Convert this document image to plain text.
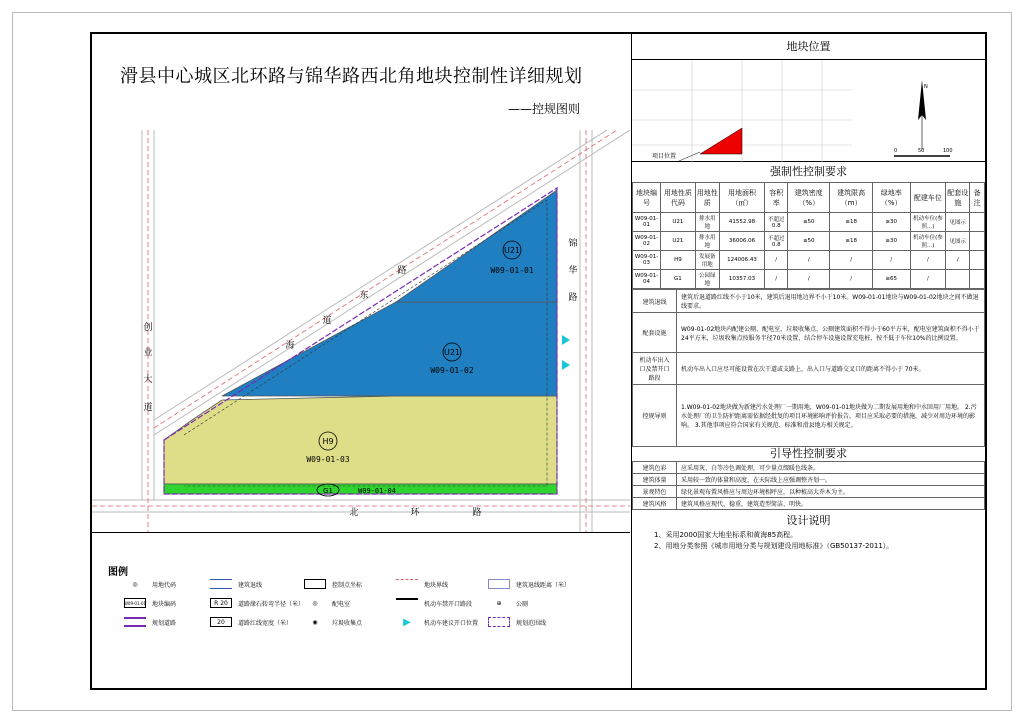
滑县中心城区北环路与锦华路西北角地块控制性详细规划
——控规图则
U21
W09-01-01
U21
W09-01-02
H9
W09-01-03
G1	W09-01-04
创
业
大
道
锦
华
路
北	环	路
海
道
东
路
图例
◎	用地代码
W09-01-01 地块编码
规划道路
建筑退线
R 20	道路缘石转弯半径（米）
20	道路红线宽度（米）
控制点坐标
◎	配电室
◉	垃圾收集点
地块界线
机动车禁开口路段
▶	机动车建议开口位置
建筑退线距离（米）
⊕	公厕
规划范围线
地块位置
项目位置
N
0	50	100
强制性控制要求
地块编号	用地性质代码	用地性质	用地面积（㎡）	容积率	建筑密度（%）	建筑限高（m）	绿地率（%）	配建车位	配套设施	备注
W09-01-01	U21	排水用地	41552.98	不超过0.8	≤50	≤18	≥30	机动车位(参照...)	见图示	
W09-01-02	U21	排水用地	36006.06	不超过0.8	≤50	≤18	≥30	机动车位(参照...)	见图示	
W09-01-03	H9	发展备用地	124006.43	/	/	/	/	/	/	
W09-01-04	G1	公园绿地	10357.03	/	/	/	≥65	/		
建筑退线	建筑后退道路红线不小于10米，建筑后退用地边界不小于10米。W09-01-01地块与W09-01-02地块之间不做退线要求。
配套设施	W09-01-02地块内配建公厕、配电室、垃圾收集点，公厕建筑面积不得小于60平方米，配电室建筑面积不得小于24平方米，垃圾收集点按服务半径70米设置，结合停车设施设置充电桩，按不低于车位10%的比例设置。
机动车出入口及禁开口路段	机动车出入口应尽可能设置在次干道或支路上，出入口与道路交叉口的距离不得小于 70米。
控规导则	1.W09-01-02地块做为新建污水处理厂一期用地，W09-01-01地块做为二期发展用地和中水回用厂用地。 2.污水处理厂的卫生防护距离需依据经批复的项目环境影响评价报告。项目应采取必要的措施，减少对周边环境的影响。 3.其他事项应符合国家有关规范、标准和滑县地方相关规定。
引导性控制要求
建筑色彩	应采用灰、白等冷色调处理，可少量点缀暖色线条。
建筑体量	采用较一致的体量和高度，在天际线上应强调整齐划一。
景观特色	绿化景观布置风格应与周边环境相呼应，以种植高大乔木为主。
建筑风格	建筑风格应现代、稳重，建筑造型简洁、明快。
设计说明
1、采用2000国家大地坐标系和黄海85高程。
2、用地分类参照《城市用地分类与规划建设用地标准》（GB50137-2011）。
